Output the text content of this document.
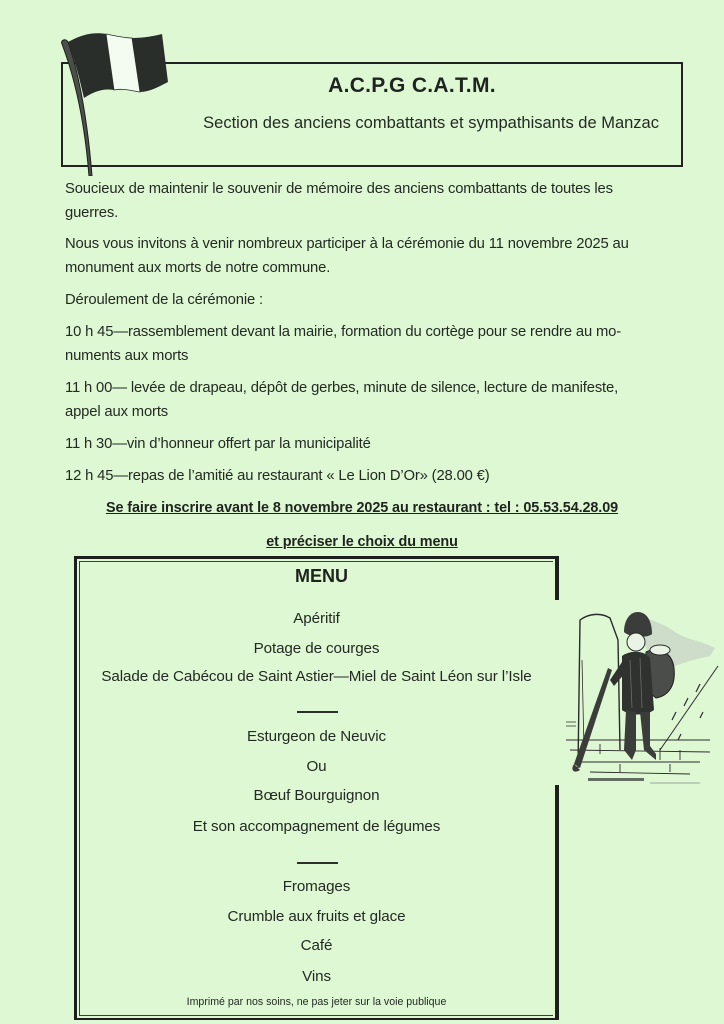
A.C.P.G C.A.T.M.
Section des anciens combattants et sympathisants de Manzac
Soucieux de maintenir le souvenir de mémoire des anciens combattants de toutes les guerres.
Nous vous invitons à venir nombreux participer à la cérémonie du 11 novembre 2025 au monument aux morts de notre commune.
Déroulement de la cérémonie :
10 h 45—rassemblement devant la mairie, formation du cortège pour se rendre au mo-
numents aux morts
11 h 00— levée de drapeau, dépôt de gerbes, minute de silence, lecture de manifeste,
appel aux morts
11 h 30—vin d’honneur offert par la municipalité
12 h 45—repas de l’amitié au restaurant « Le Lion D’Or» (28.00 €)
Se faire inscrire avant le 8 novembre 2025 au restaurant : tel : 05.53.54.28.09
et préciser le choix du menu
MENU
Apéritif
Potage de courges
Salade de Cabécou de Saint Astier—Miel de Saint Léon sur l’Isle
Esturgeon de Neuvic
Ou
Bœuf Bourguignon
Et son accompagnement de légumes
Fromages
Crumble aux fruits et glace
Café
Vins
Imprimé par nos soins, ne pas jeter sur la voie publique
